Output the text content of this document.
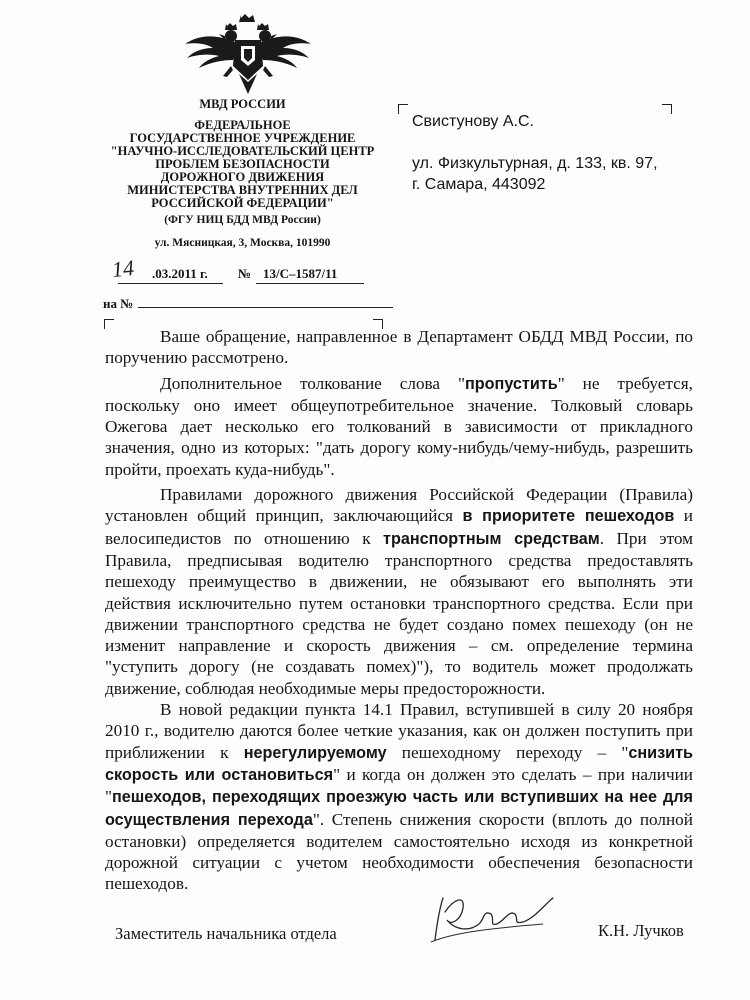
МВД РОССИИ
ФЕДЕРАЛЬНОЕ
ГОСУДАРСТВЕННОЕ УЧРЕЖДЕНИЕ
"НАУЧНО-ИССЛЕДОВАТЕЛЬСКИЙ ЦЕНТР
ПРОБЛЕМ БЕЗОПАСНОСТИ
ДОРОЖНОГО ДВИЖЕНИЯ
МИНИСТЕРСТВА ВНУТРЕННИХ ДЕЛ
РОССИЙСКОЙ ФЕДЕРАЦИИ"
(ФГУ НИЦ БДД МВД России)
ул. Мясницкая, 3, Москва, 101990
14 .03.2011 г. № 13/С–1587/11
на №
Свистунову А.С.
ул. Физкультурная, д. 133, кв. 97,
г. Самара, 443092

Ваше обращение, направленное в Департамент ОБДД МВД России, по поручению рассмотрено.

Дополнительное толкование слова "пропустить" не требуется, поскольку оно имеет общеупотребительное значение. Толковый словарь Ожегова дает несколько его толкований в зависимости от прикладного значения, одно из которых: "дать дорогу кому-нибудь/чему-нибудь, разрешить пройти, проехать куда-нибудь".

Правилами дорожного движения Российской Федерации (Правила) установлен общий принцип, заключающийся в приоритете пешеходов и велосипедистов по отношению к транспортным средствам. При этом Правила, предписывая водителю транспортного средства предоставлять пешеходу преимущество в движении, не обязывают его выполнять эти действия исключительно путем остановки транспортного средства. Если при движении транспортного средства не будет создано помех пешеходу (он не изменит направление и скорость движения – см. определение термина "уступить дорогу (не создавать помех)"), то водитель может продолжать движение, соблюдая необходимые меры предосторожности.

В новой редакции пункта 14.1 Правил, вступившей в силу 20 ноября 2010 г., водителю даются более четкие указания, как он должен поступить при приближении к нерегулируемому пешеходному переходу – "снизить скорость или остановиться" и когда он должен это сделать – при наличии "пешеходов, переходящих проезжую часть или вступивших на нее для осуществления перехода". Степень снижения скорости (вплоть до полной остановки) определяется водителем самостоятельно исходя из конкретной дорожной ситуации с учетом необходимости обеспечения безопасности пешеходов.

Заместитель начальника отдела	К.Н. Лучков
